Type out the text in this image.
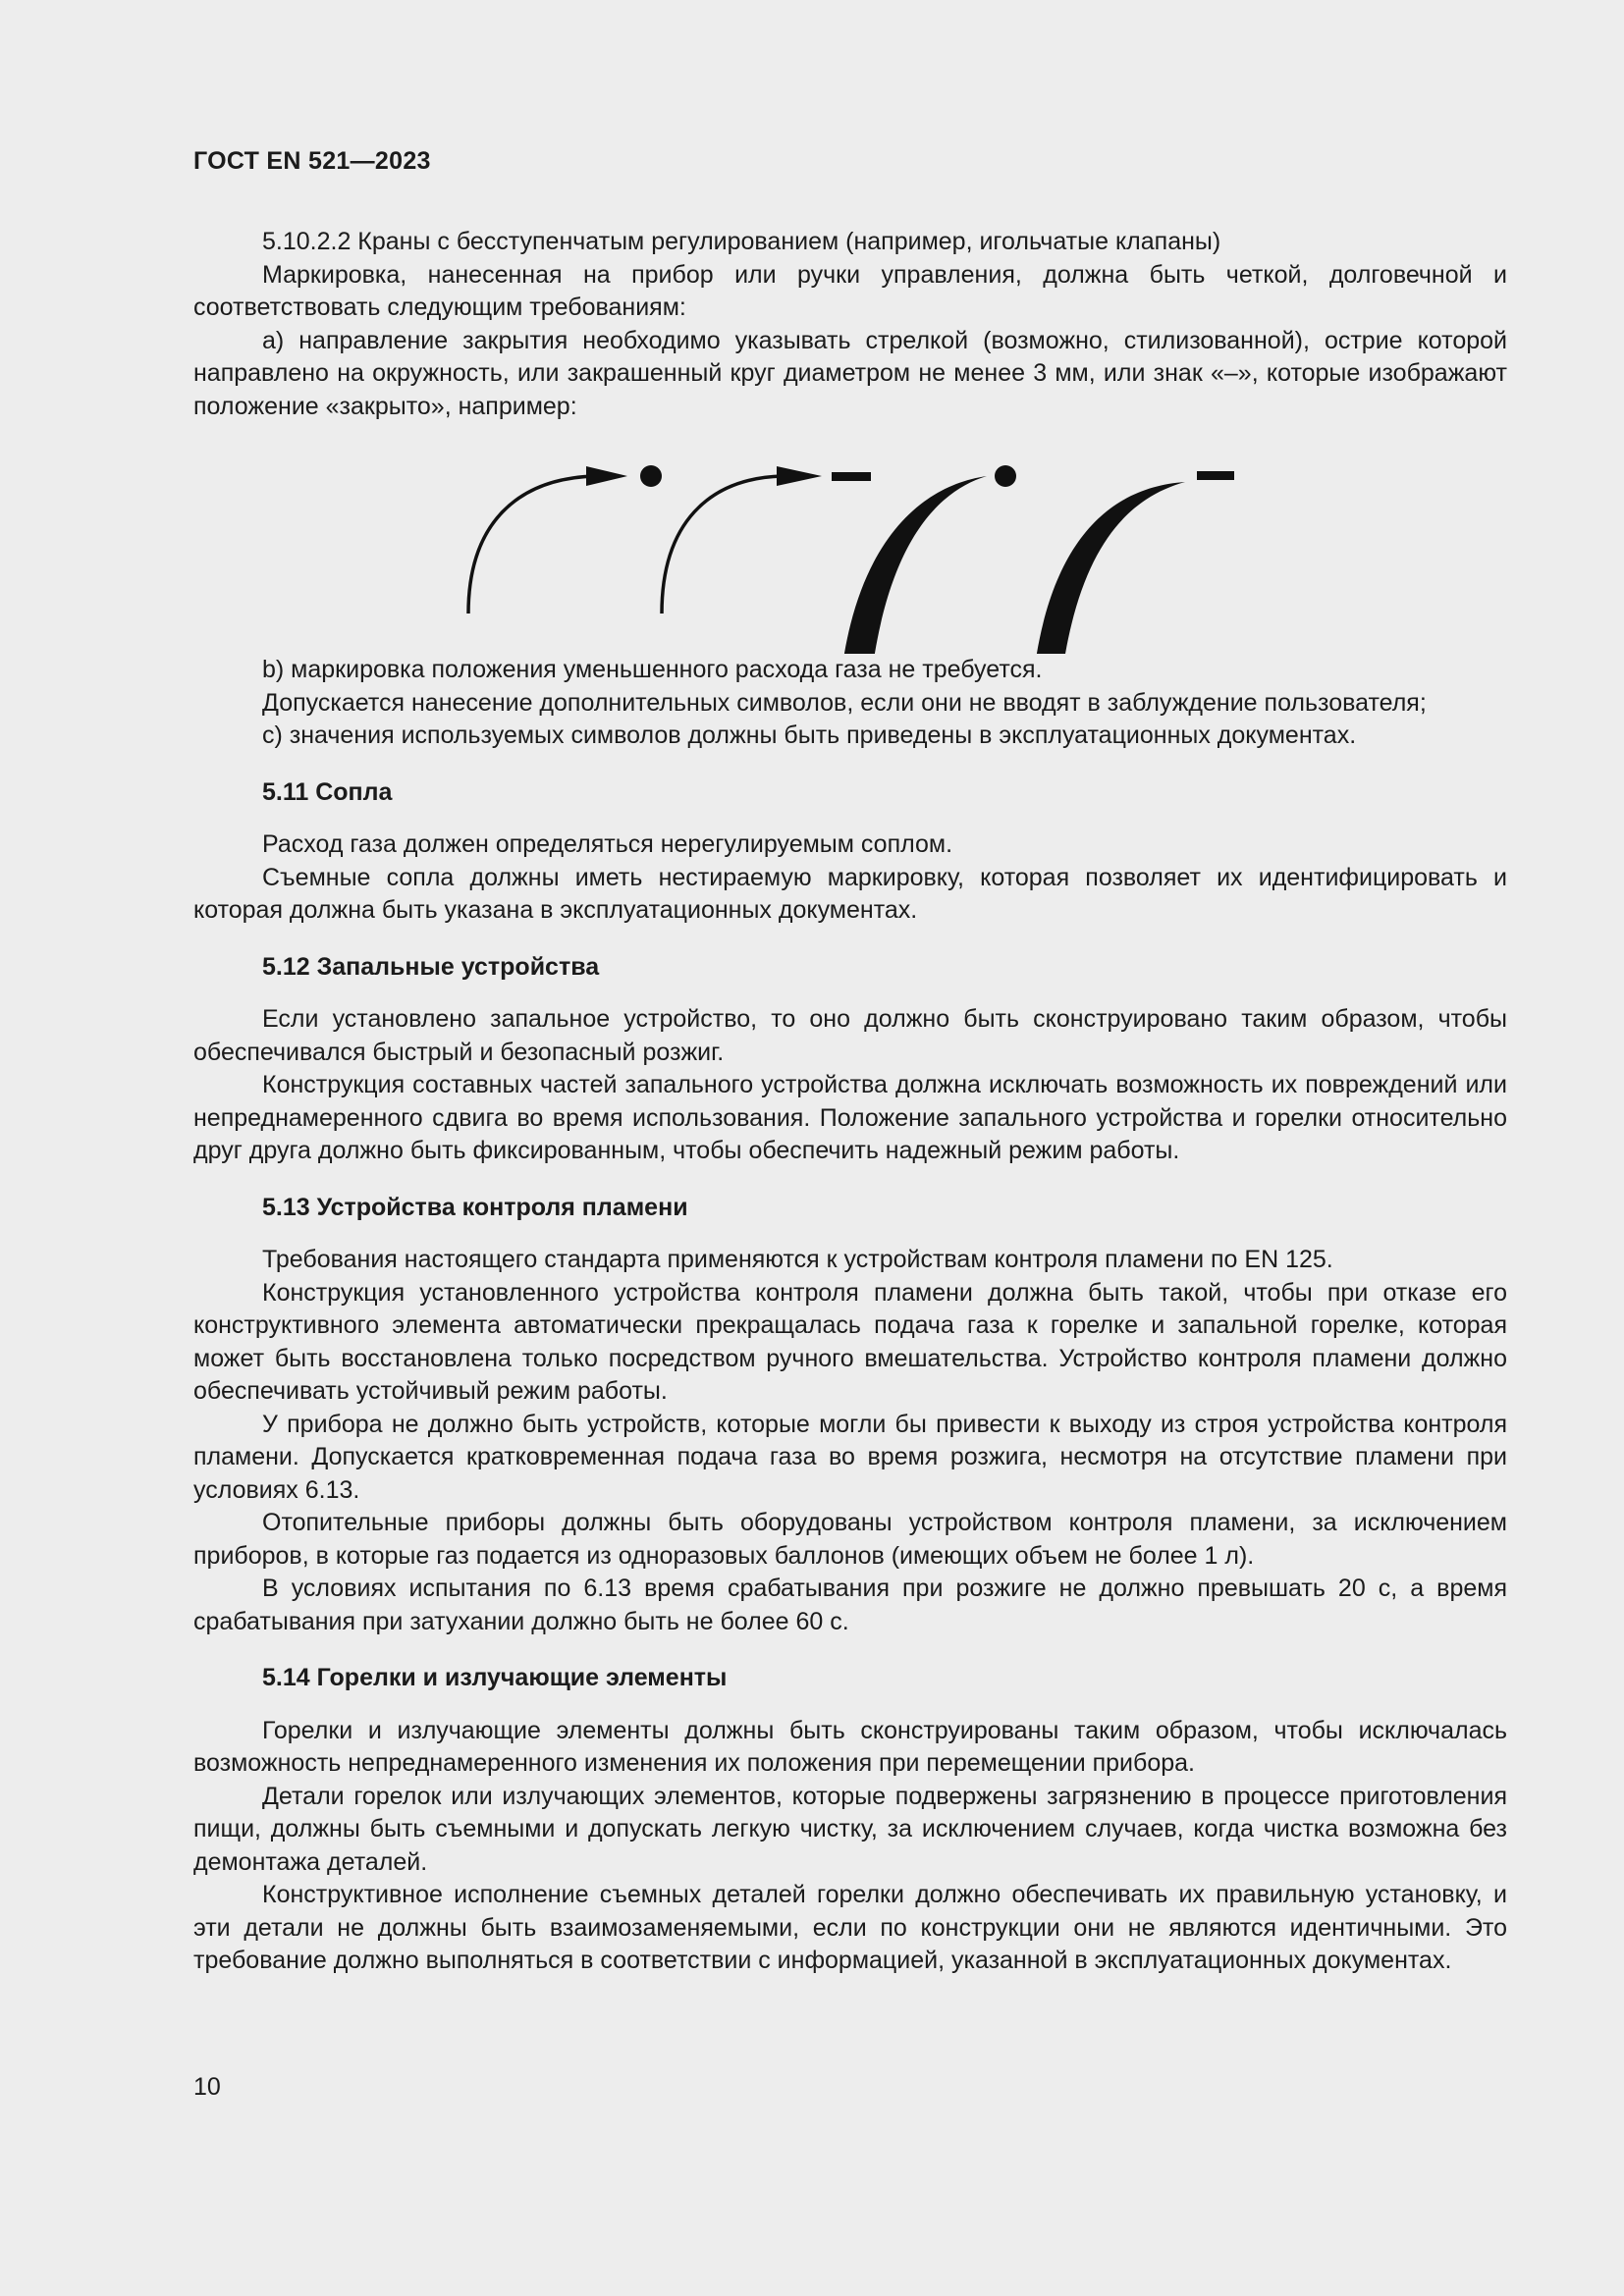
ГОСТ EN 521—2023

5.10.2.2 Краны с бесступенчатым регулированием (например, игольчатые клапаны)

Маркировка, нанесенная на прибор или ручки управления, должна быть четкой, долговечной и соответствовать следующим требованиям:

a) направление закрытия необходимо указывать стрелкой (возможно, стилизованной), острие которой направлено на окружность, или закрашенный круг диаметром не менее 3 мм, или знак «–», которые изображают положение «закрыто», например:

b) маркировка положения уменьшенного расхода газа не требуется.

Допускается нанесение дополнительных символов, если они не вводят в заблуждение пользователя;

c) значения используемых символов должны быть приведены в эксплуатационных документах.

5.11 Сопла

Расход газа должен определяться нерегулируемым соплом.

Съемные сопла должны иметь нестираемую маркировку, которая позволяет их идентифицировать и которая должна быть указана в эксплуатационных документах.

5.12 Запальные устройства

Если установлено запальное устройство, то оно должно быть сконструировано таким образом, чтобы обеспечивался быстрый и безопасный розжиг.

Конструкция составных частей запального устройства должна исключать возможность их повреждений или непреднамеренного сдвига во время использования. Положение запального устройства и горелки относительно друг друга должно быть фиксированным, чтобы обеспечить надежный режим работы.

5.13 Устройства контроля пламени

Требования настоящего стандарта применяются к устройствам контроля пламени по EN 125.

Конструкция установленного устройства контроля пламени должна быть такой, чтобы при отказе его конструктивного элемента автоматически прекращалась подача газа к горелке и запальной горелке, которая может быть восстановлена только посредством ручного вмешательства. Устройство контроля пламени должно обеспечивать устойчивый режим работы.

У прибора не должно быть устройств, которые могли бы привести к выходу из строя устройства контроля пламени. Допускается кратковременная подача газа во время розжига, несмотря на отсутствие пламени при условиях 6.13.

Отопительные приборы должны быть оборудованы устройством контроля пламени, за исключением приборов, в которые газ подается из одноразовых баллонов (имеющих объем не более 1 л).

В условиях испытания по 6.13 время срабатывания при розжиге не должно превышать 20 с, а время срабатывания при затухании должно быть не более 60 с.

5.14 Горелки и излучающие элементы

Горелки и излучающие элементы должны быть сконструированы таким образом, чтобы исключалась возможность непреднамеренного изменения их положения при перемещении прибора.

Детали горелок или излучающих элементов, которые подвержены загрязнению в процессе приготовления пищи, должны быть съемными и допускать легкую чистку, за исключением случаев, когда чистка возможна без демонтажа деталей.

Конструктивное исполнение съемных деталей горелки должно обеспечивать их правильную установку, и эти детали не должны быть взаимозаменяемыми, если по конструкции они не являются идентичными. Это требование должно выполняться в соответствии с информацией, указанной в эксплуатационных документах.

10
